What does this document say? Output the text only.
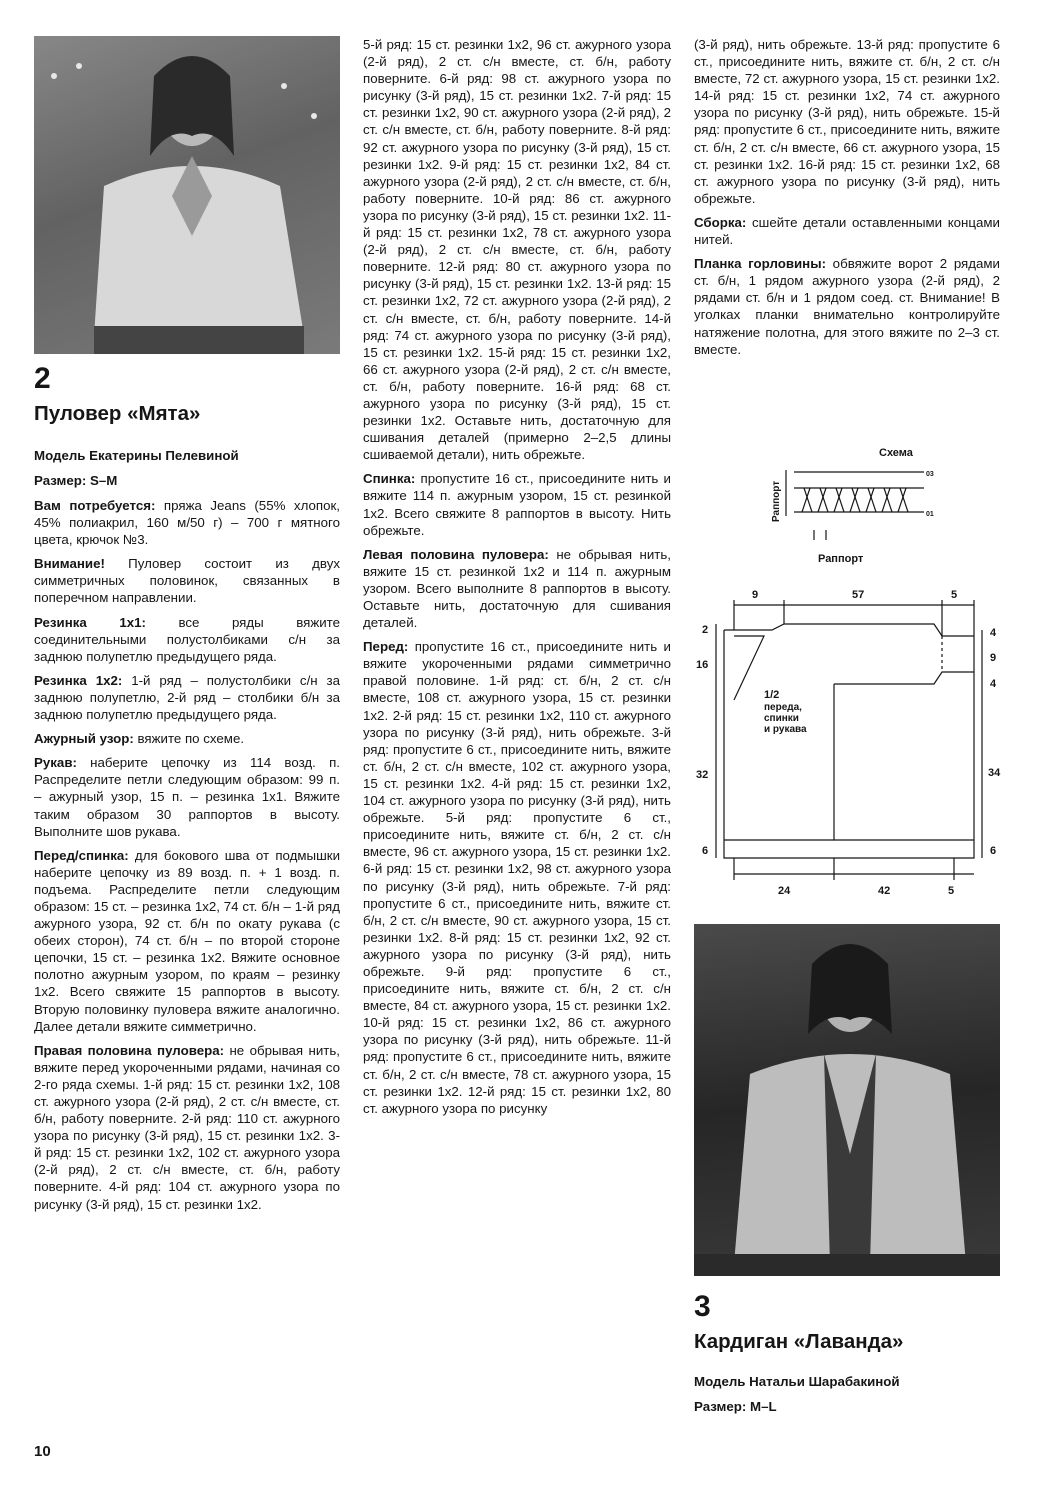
2
Пуловер «Мята»
Модель Екатерины Пелевиной
Размер: S–M

Вам потребуется: пряжа Jeans (55% хлопок, 45% полиакрил, 160 м/50 г) – 700 г мятного цвета, крючок №3.

Внимание! Пуловер состоит из двух симметричных половинок, связанных в поперечном направлении.

Резинка 1х1: все ряды вяжите соединительными полустолбиками с/н за заднюю полупетлю предыдущего ряда.

Резинка 1х2: 1-й ряд – полустолбики с/н за заднюю полупетлю, 2-й ряд – столбики б/н за заднюю полупетлю предыдущего ряда.

Ажурный узор: вяжите по схеме.

Рукав: наберите цепочку из 114 возд. п. Распределите петли следующим образом: 99 п. – ажурный узор, 15 п. – резинка 1х1. Вяжите таким образом 30 раппортов в высоту. Выполните шов рукава.

Перед/спинка: для бокового шва от подмышки наберите цепочку из 89 возд. п. + 1 возд. п. подъема. Распределите петли следующим образом: 15 ст. – резинка 1х2, 74 ст. б/н – 1-й ряд ажурного узора, 92 ст. б/н по окату рукава (с обеих сторон), 74 ст. б/н – по второй стороне цепочки, 15 ст. – резинка 1х2. Вяжите основное полотно ажурным узором, по краям – резинку 1х2. Всего свяжите 15 раппортов в высоту. Вторую половинку пуловера вяжите аналогично. Далее детали вяжите симметрично.

Правая половина пуловера: не обрывая нить, вяжите перед укороченными рядами, начиная со 2-го ряда схемы. 1-й ряд: 15 ст. резинки 1х2, 108 ст. ажурного узора (2-й ряд), 2 ст. с/н вместе, ст. б/н, работу поверните. 2-й ряд: 110 ст. ажурного узора по рисунку (3-й ряд), 15 ст. резинки 1х2. 3-й ряд: 15 ст. резинки 1х2, 102 ст. ажурного узора (2-й ряд), 2 ст. с/н вместе, ст. б/н, работу поверните. 4-й ряд: 104 ст. ажурного узора по рисунку (3-й ряд), 15 ст. резинки 1х2.

5-й ряд: 15 ст. резинки 1х2, 96 ст. ажурного узора (2-й ряд), 2 ст. с/н вместе, ст. б/н, работу поверните. 6-й ряд: 98 ст. ажурного узора по рисунку (3-й ряд), 15 ст. резинки 1х2. 7-й ряд: 15 ст. резинки 1х2, 90 ст. ажурного узора (2-й ряд), 2 ст. с/н вместе, ст. б/н, работу поверните. 8-й ряд: 92 ст. ажурного узора по рисунку (3-й ряд), 15 ст. резинки 1х2. 9-й ряд: 15 ст. резинки 1х2, 84 ст. ажурного узора (2-й ряд), 2 ст. с/н вместе, ст. б/н, работу поверните. 10-й ряд: 86 ст. ажурного узора по рисунку (3-й ряд), 15 ст. резинки 1х2. 11-й ряд: 15 ст. резинки 1х2, 78 ст. ажурного узора (2-й ряд), 2 ст. с/н вместе, ст. б/н, работу поверните. 12-й ряд: 80 ст. ажурного узора по рисунку (3-й ряд), 15 ст. резинки 1х2. 13-й ряд: 15 ст. резинки 1х2, 72 ст. ажурного узора (2-й ряд), 2 ст. с/н вместе, ст. б/н, работу поверните. 14-й ряд: 74 ст. ажурного узора по рисунку (3-й ряд), 15 ст. резинки 1х2. 15-й ряд: 15 ст. резинки 1х2, 66 ст. ажурного узора (2-й ряд), 2 ст. с/н вместе, ст. б/н, работу поверните. 16-й ряд: 68 ст. ажурного узора по рисунку (3-й ряд), 15 ст. резинки 1х2. Оставьте нить, достаточную для сшивания деталей (примерно 2–2,5 длины сшиваемой детали), нить обрежьте.

Спинка: пропустите 16 ст., присоедините нить и вяжите 114 п. ажурным узором, 15 ст. резинкой 1х2. Всего свяжите 8 раппортов в высоту. Нить обрежьте.

Левая половина пуловера: не обрывая нить, вяжите 15 ст. резинкой 1х2 и 114 п. ажурным узором. Всего выполните 8 раппортов в высоту. Оставьте нить, достаточную для сшивания деталей.

Перед: пропустите 16 ст., присоедините нить и вяжите укороченными рядами симметрично правой половине. 1-й ряд: ст. б/н, 2 ст. с/н вместе, 108 ст. ажурного узора, 15 ст. резинки 1х2. 2-й ряд: 15 ст. резинки 1х2, 110 ст. ажурного узора по рисунку (3-й ряд), нить обрежьте. 3-й ряд: пропустите 6 ст., присоедините нить, вяжите ст. б/н, 2 ст. с/н вместе, 102 ст. ажурного узора, 15 ст. резинки 1х2. 4-й ряд: 15 ст. резинки 1х2, 104 ст. ажурного узора по рисунку (3-й ряд), нить обрежьте. 5-й ряд: пропустите 6 ст., присоедините нить, вяжите ст. б/н, 2 ст. с/н вместе, 96 ст. ажурного узора, 15 ст. резинки 1х2. 6-й ряд: 15 ст. резинки 1х2, 98 ст. ажурного узора по рисунку (3-й ряд), нить обрежьте. 7-й ряд: пропустите 6 ст., присоедините нить, вяжите ст. б/н, 2 ст. с/н вместе, 90 ст. ажурного узора, 15 ст. резинки 1х2. 8-й ряд: 15 ст. резинки 1х2, 92 ст. ажурного узора по рисунку (3-й ряд), нить обрежьте. 9-й ряд: пропустите 6 ст., присоедините нить, вяжите ст. б/н, 2 ст. с/н вместе, 84 ст. ажурного узора, 15 ст. резинки 1х2. 10-й ряд: 15 ст. резинки 1х2, 86 ст. ажурного узора по рисунку (3-й ряд), нить обрежьте. 11-й ряд: пропустите 6 ст., присоедините нить, вяжите ст. б/н, 2 ст. с/н вместе, 78 ст. ажурного узора, 15 ст. резинки 1х2. 12-й ряд: 15 ст. резинки 1х2, 80 ст. ажурного узора по рисунку

(3-й ряд), нить обрежьте. 13-й ряд: пропустите 6 ст., присоедините нить, вяжите ст. б/н, 2 ст. с/н вместе, 72 ст. ажурного узора, 15 ст. резинки 1х2. 14-й ряд: 15 ст. резинки 1х2, 74 ст. ажурного узора по рисунку (3-й ряд), нить обрежьте. 15-й ряд: пропустите 6 ст., присоедините нить, вяжите ст. б/н, 2 ст. с/н вместе, 66 ст. ажурного узора, 15 ст. резинки 1х2. 16-й ряд: 15 ст. резинки 1х2, 68 ст. ажурного узора по рисунку (3-й ряд), нить обрежьте.

Сборка: сшейте детали оставленными концами нитей.

Планка горловины: обвяжите ворот 2 рядами ст. б/н, 1 рядом ажурного узора (2-й ряд), 2 рядами ст. б/н и 1 рядом соед. ст. Внимание! В уголках планки внимательно контролируйте натяжение полотна, для этого вяжите по 2–3 ст. вместе.

Схема
Раппорт
03
01
Раппорт
1/2
переда,
спинки
и рукава
9	57	5
2
16
32
6
4
9
4
34
6
24	42	5
3
Кардиган «Лаванда»
Модель Натальи Шарабакиной
Размер: M–L
10
